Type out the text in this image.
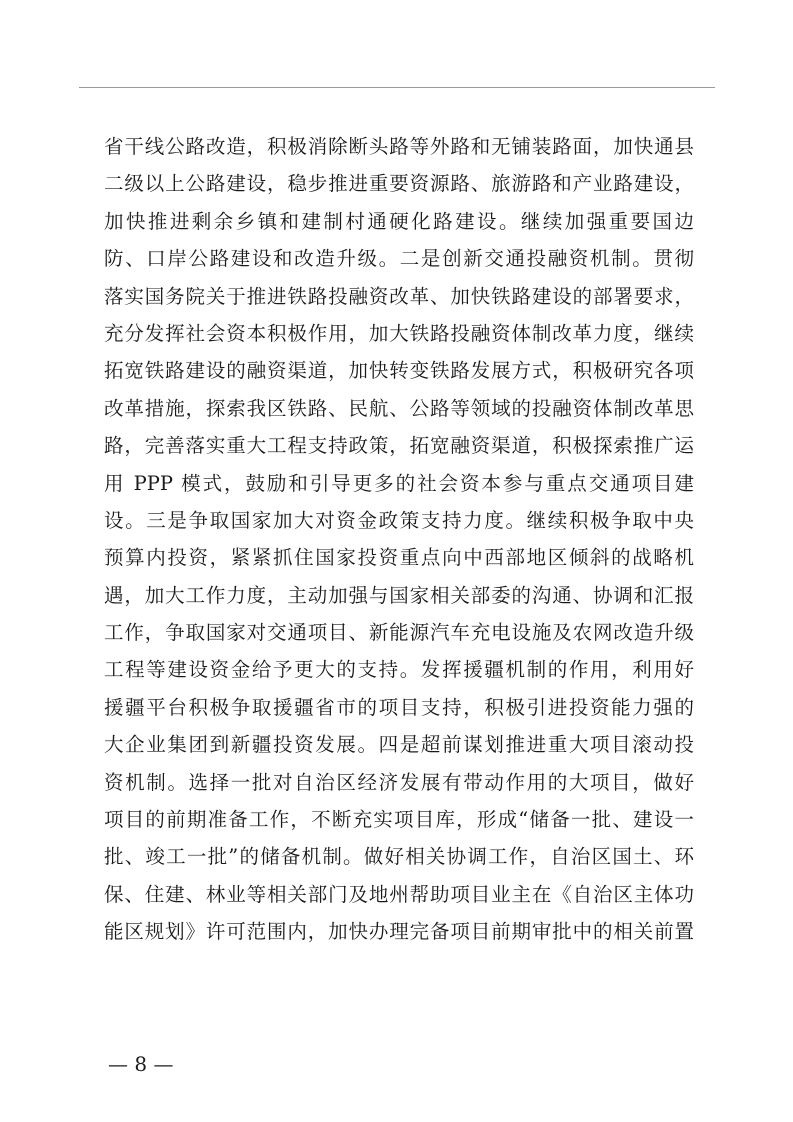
省干线公路改造，积极消除断头路等外路和无铺装路面，加快通县
二级以上公路建设，稳步推进重要资源路、旅游路和产业路建设，
加快推进剩余乡镇和建制村通硬化路建设。继续加强重要国边
防、口岸公路建设和改造升级。二是创新交通投融资机制。贯彻
落实国务院关于推进铁路投融资改革、加快铁路建设的部署要求，
充分发挥社会资本积极作用，加大铁路投融资体制改革力度，继续
拓宽铁路建设的融资渠道，加快转变铁路发展方式，积极研究各项
改革措施，探索我区铁路、民航、公路等领域的投融资体制改革思
路，完善落实重大工程支持政策，拓宽融资渠道，积极探索推广运
用 PPP 模式，鼓励和引导更多的社会资本参与重点交通项目建
设。三是争取国家加大对资金政策支持力度。继续积极争取中央
预算内投资，紧紧抓住国家投资重点向中西部地区倾斜的战略机
遇，加大工作力度，主动加强与国家相关部委的沟通、协调和汇报
工作，争取国家对交通项目、新能源汽车充电设施及农网改造升级
工程等建设资金给予更大的支持。发挥援疆机制的作用，利用好
援疆平台积极争取援疆省市的项目支持，积极引进投资能力强的
大企业集团到新疆投资发展。四是超前谋划推进重大项目滚动投
资机制。选择一批对自治区经济发展有带动作用的大项目，做好
项目的前期准备工作，不断充实项目库，形成“储备一批、建设一
批、竣工一批”的储备机制。做好相关协调工作，自治区国土、环
保、住建、林业等相关部门及地州帮助项目业主在《自治区主体功
能区规划》许可范围内，加快办理完备项目前期审批中的相关前置
— 8 —
